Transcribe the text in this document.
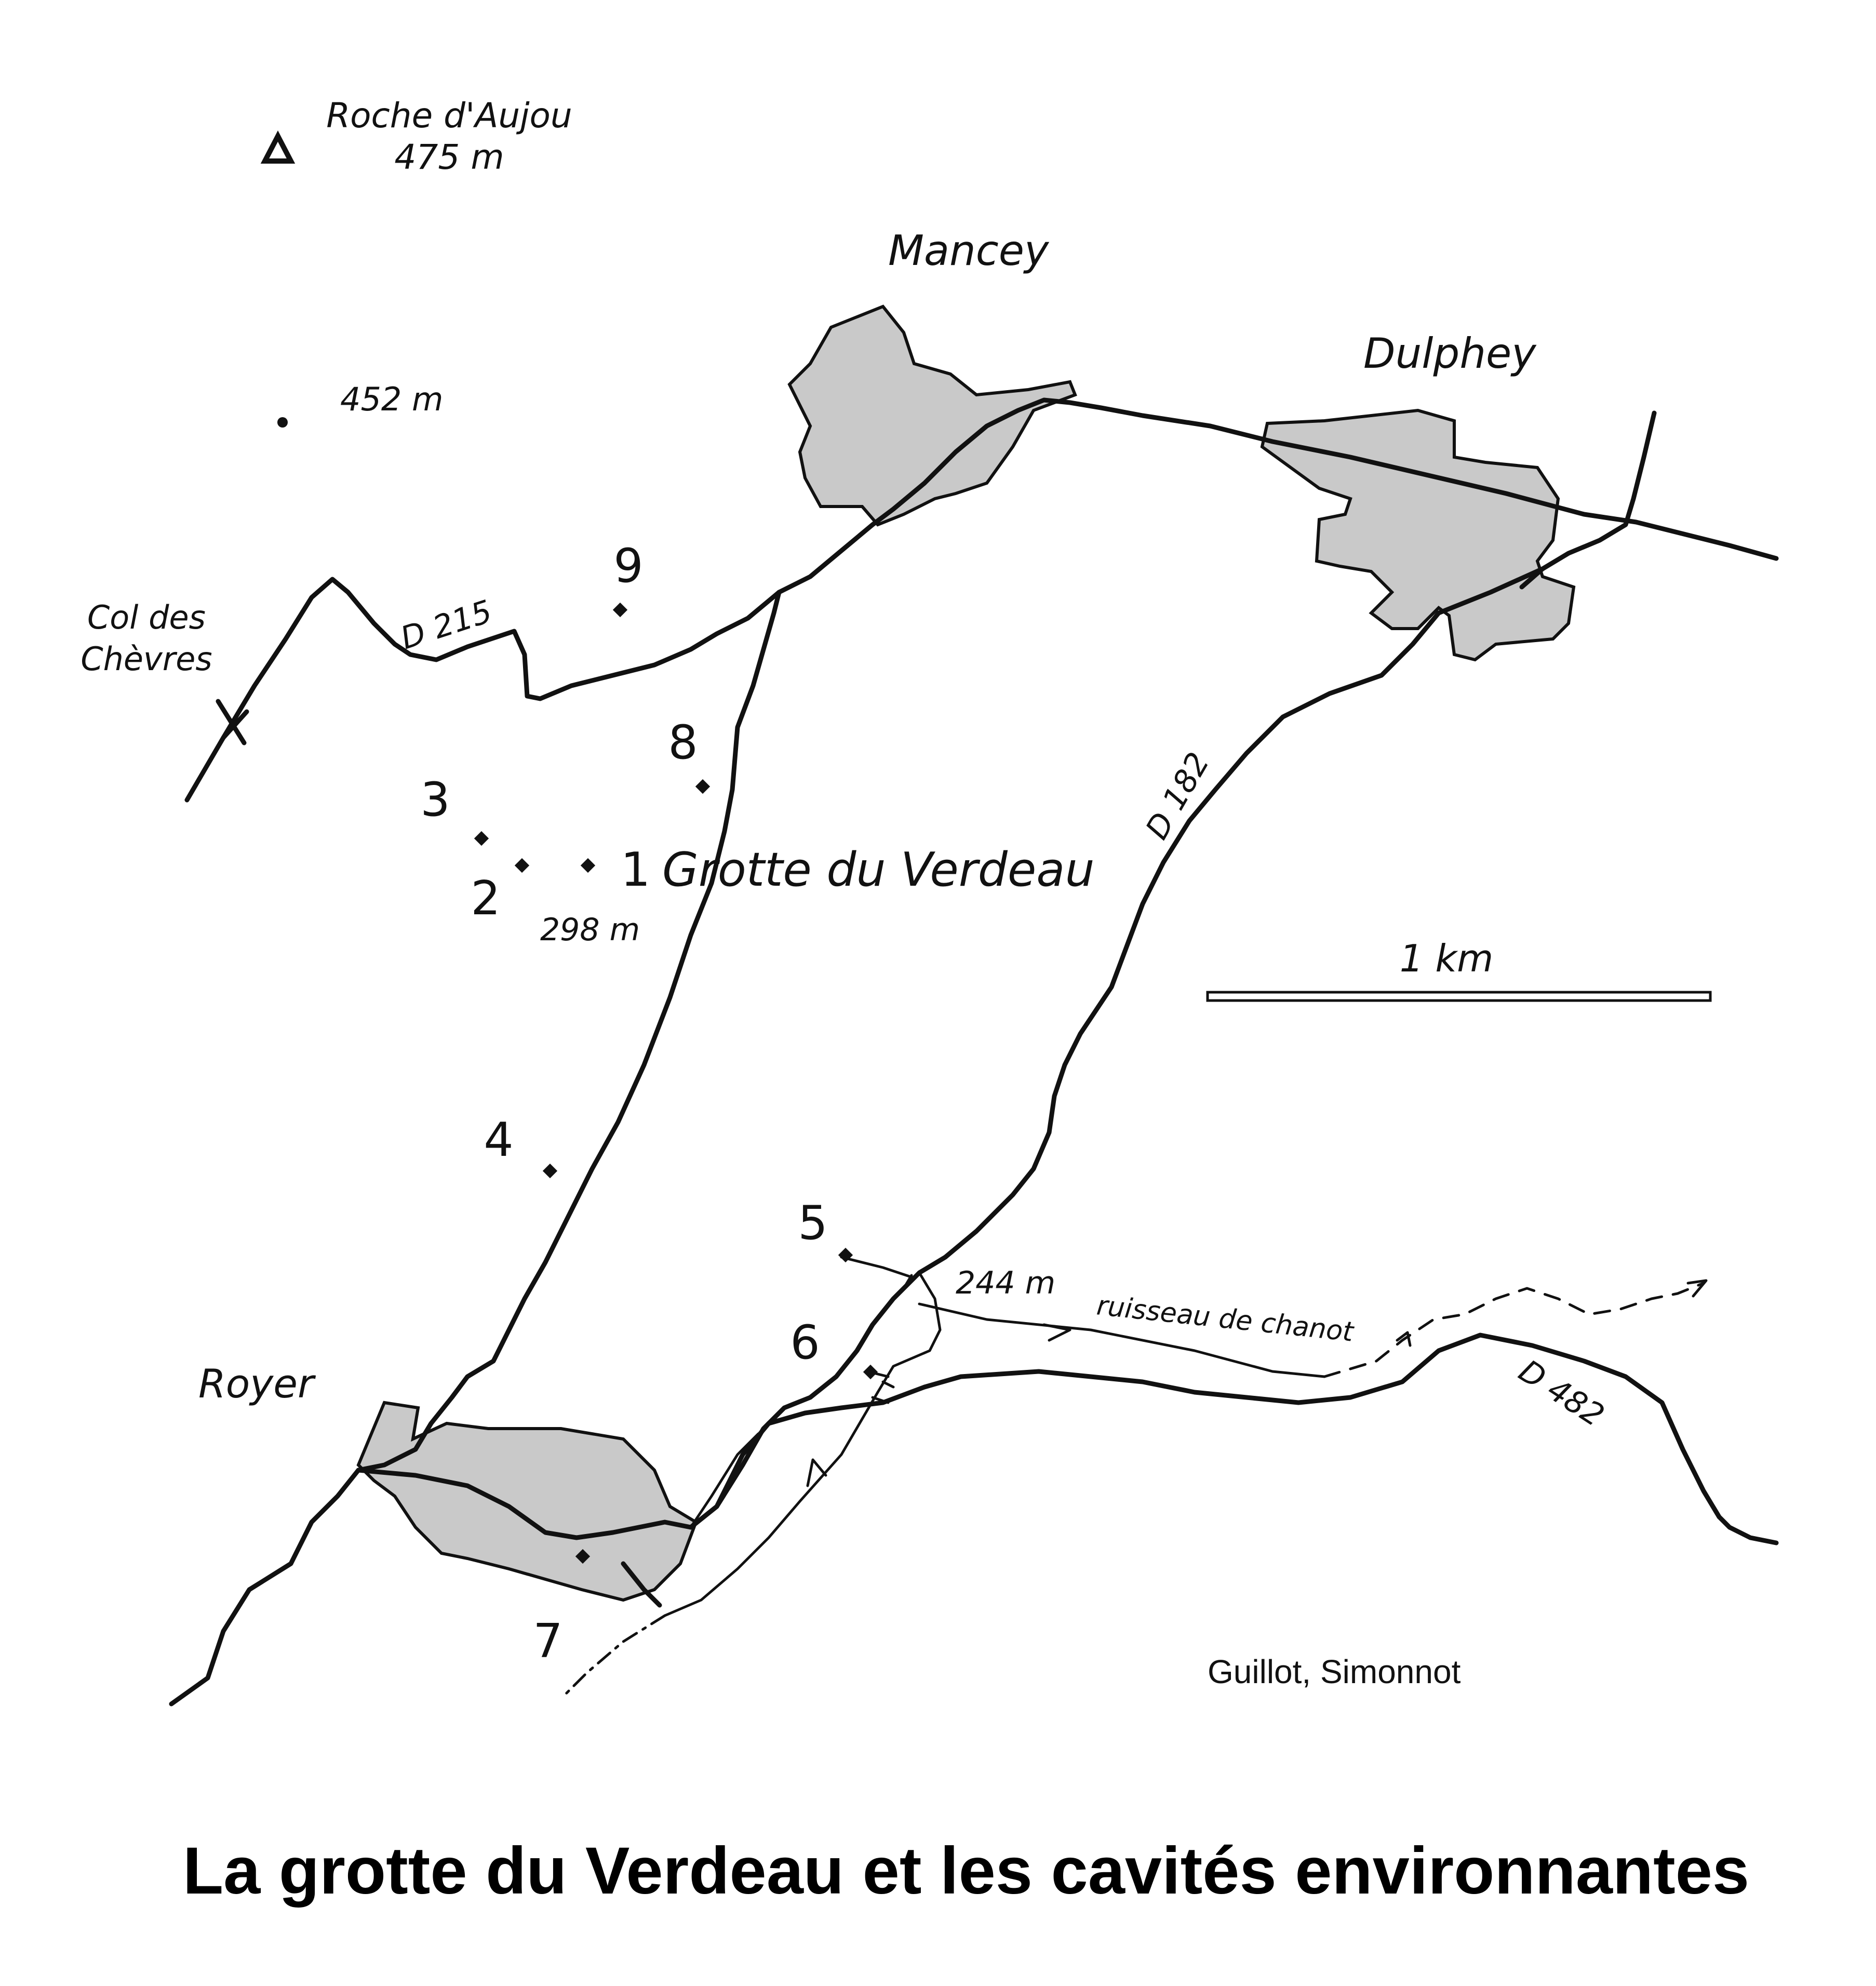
1 km
Roche d'Aujou
475 m
452 m
Mancey
Dulphey
Royer
Col des
Chèvres
D 215
D 182
D 482
ruisseau de chanot
298 m
244 m
1 Grotte du Verdeau
2
3
4
5
6
7
8
9
Guillot, Simonnot
La grotte du Verdeau et les cavités environnantes
